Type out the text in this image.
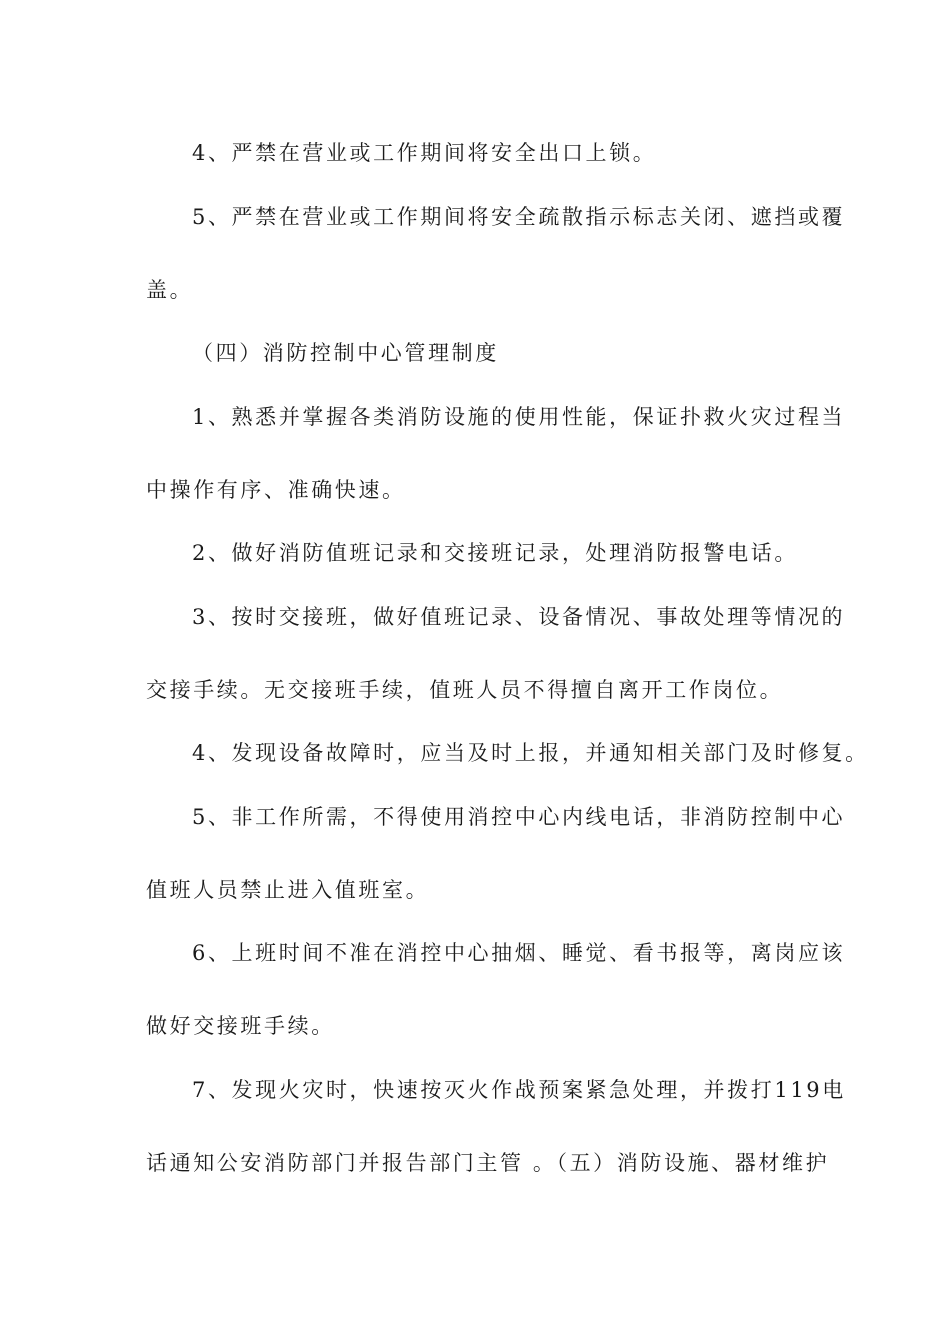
4、严禁在营业或工作期间将安全出口上锁。
5、严禁在营业或工作期间将安全疏散指示标志关闭、遮挡或覆
盖。
（四）消防控制中心管理制度
1、熟悉并掌握各类消防设施的使用性能，保证扑救火灾过程当
中操作有序、准确快速。
2、做好消防值班记录和交接班记录，处理消防报警电话。
3、按时交接班，做好值班记录、设备情况、事故处理等情况的
交接手续。无交接班手续，值班人员不得擅自离开工作岗位。
4、发现设备故障时，应当及时上报，并通知相关部门及时修复。
5、非工作所需，不得使用消控中心内线电话，非消防控制中心
值班人员禁止进入值班室。
6、上班时间不准在消控中心抽烟、睡觉、看书报等，离岗应该
做好交接班手续。
7、发现火灾时，快速按灭火作战预案紧急处理，并拨打119电
话通知公安消防部门并报告部门主管 。（五）消防设施、器材维护
